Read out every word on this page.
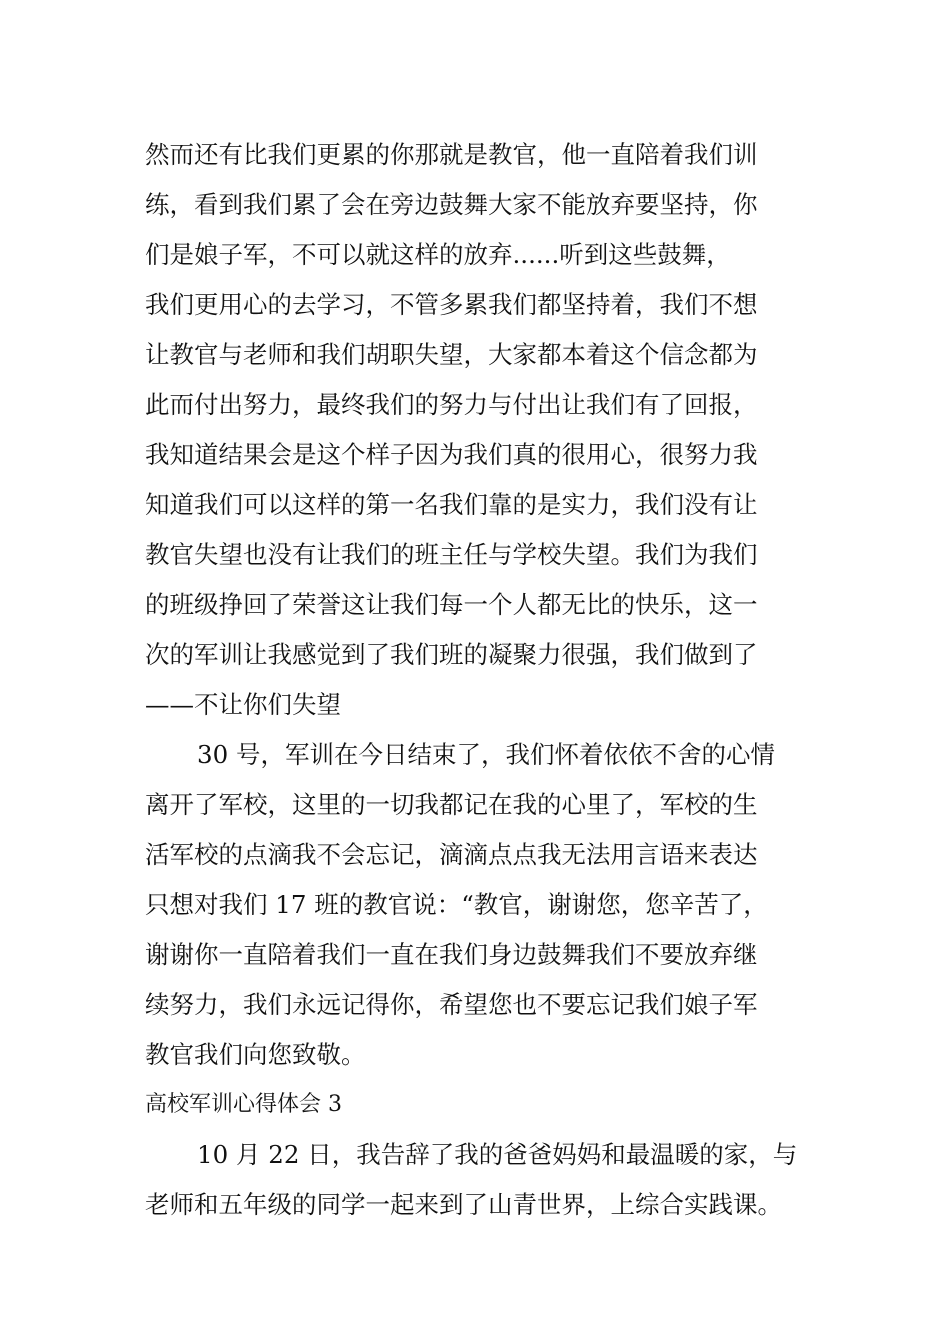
然而还有比我们更累的你那就是教官，他一直陪着我们训
练，看到我们累了会在旁边鼓舞大家不能放弃要坚持，你
们是娘子军，不可以就这样的放弃......听到这些鼓舞，
我们更用心的去学习，不管多累我们都坚持着，我们不想
让教官与老师和我们胡职失望，大家都本着这个信念都为
此而付出努力，最终我们的努力与付出让我们有了回报，
我知道结果会是这个样子因为我们真的很用心，很努力我
知道我们可以这样的第一名我们靠的是实力，我们没有让
教官失望也没有让我们的班主任与学校失望。我们为我们
的班级挣回了荣誉这让我们每一个人都无比的快乐，这一
次的军训让我感觉到了我们班的凝聚力很强，我们做到了
——不让你们失望
30 号，军训在今日结束了，我们怀着依依不舍的心情
离开了军校，这里的一切我都记在我的心里了，军校的生
活军校的点滴我不会忘记，滴滴点点我无法用言语来表达
只想对我们 17 班的教官说：“教官，谢谢您，您辛苦了，
谢谢你一直陪着我们一直在我们身边鼓舞我们不要放弃继
续努力，我们永远记得你，希望您也不要忘记我们娘子军
教官我们向您致敬。
高校军训心得体会 3
10 月 22 日，我告辞了我的爸爸妈妈和最温暖的家，与
老师和五年级的同学一起来到了山青世界，上综合实践课。
